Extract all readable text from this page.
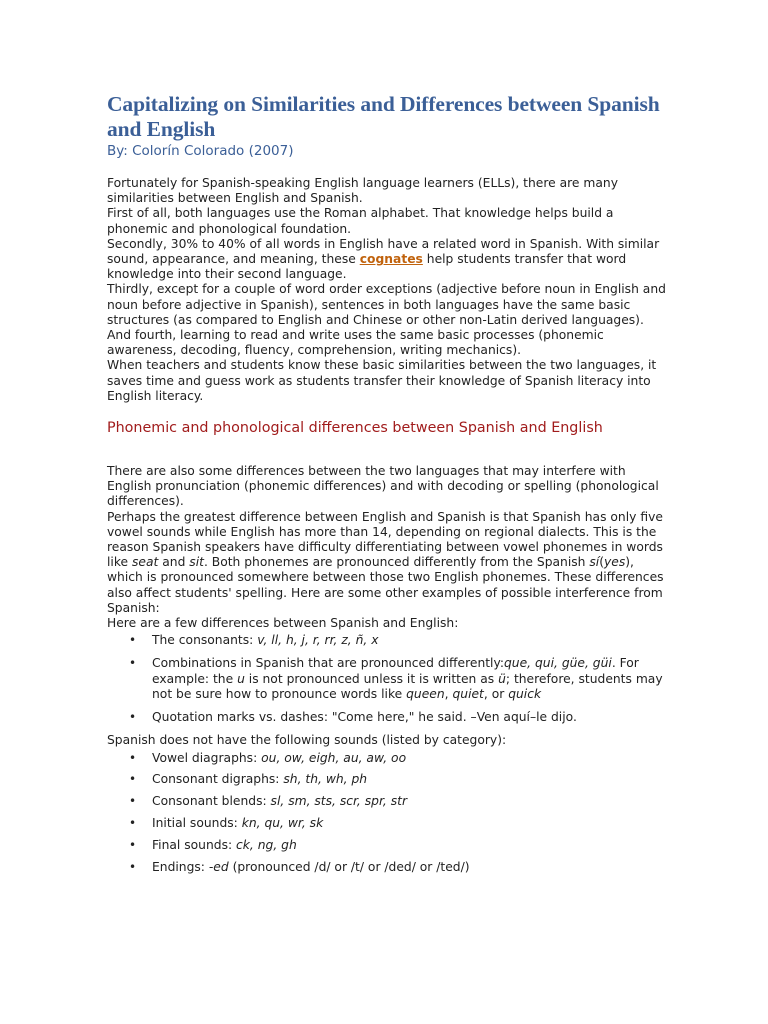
Capitalizing on Similarities and Differences between Spanish and English
By: Colorín Colorado (2007)

Fortunately for Spanish-speaking English language learners (ELLs), there are many similarities between English and Spanish.

First of all, both languages use the Roman alphabet. That knowledge helps build a phonemic and phonological foundation.

Secondly, 30% to 40% of all words in English have a related word in Spanish. With similar sound, appearance, and meaning, these cognates help students transfer that word knowledge into their second language.

Thirdly, except for a couple of word order exceptions (adjective before noun in English and noun before adjective in Spanish), sentences in both languages have the same basic structures (as compared to English and Chinese or other non-Latin derived languages).

And fourth, learning to read and write uses the same basic processes (phonemic awareness, decoding, fluency, comprehension, writing mechanics).

When teachers and students know these basic similarities between the two languages, it saves time and guess work as students transfer their knowledge of Spanish literacy into English literacy.

Phonemic and phonological differences between Spanish and English

There are also some differences between the two languages that may interfere with English pronunciation (phonemic differences) and with decoding or spelling (phonological differences).

Perhaps the greatest difference between English and Spanish is that Spanish has only five vowel sounds while English has more than 14, depending on regional dialects. This is the reason Spanish speakers have difficulty differentiating between vowel phonemes in words like seat and sit. Both phonemes are pronounced differently from the Spanish sí(yes), which is pronounced somewhere between those two English phonemes. These differences also affect students' spelling. Here are some other examples of possible interference from Spanish:

Here are a few differences between Spanish and English:

• The consonants: v, ll, h, j, r, rr, z, ñ, x
• Combinations in Spanish that are pronounced differently:que, qui, güe, güi. For example: the u is not pronounced unless it is written as ü; therefore, students may not be sure how to pronounce words like queen, quiet, or quick
• Quotation marks vs. dashes: "Come here," he said. –Ven aquí–le dijo.

Spanish does not have the following sounds (listed by category):

• Vowel diagraphs: ou, ow, eigh, au, aw, oo
• Consonant digraphs: sh, th, wh, ph
• Consonant blends: sl, sm, sts, scr, spr, str
• Initial sounds: kn, qu, wr, sk
• Final sounds: ck, ng, gh
• Endings: -ed (pronounced /d/ or /t/ or /ded/ or /ted/)
